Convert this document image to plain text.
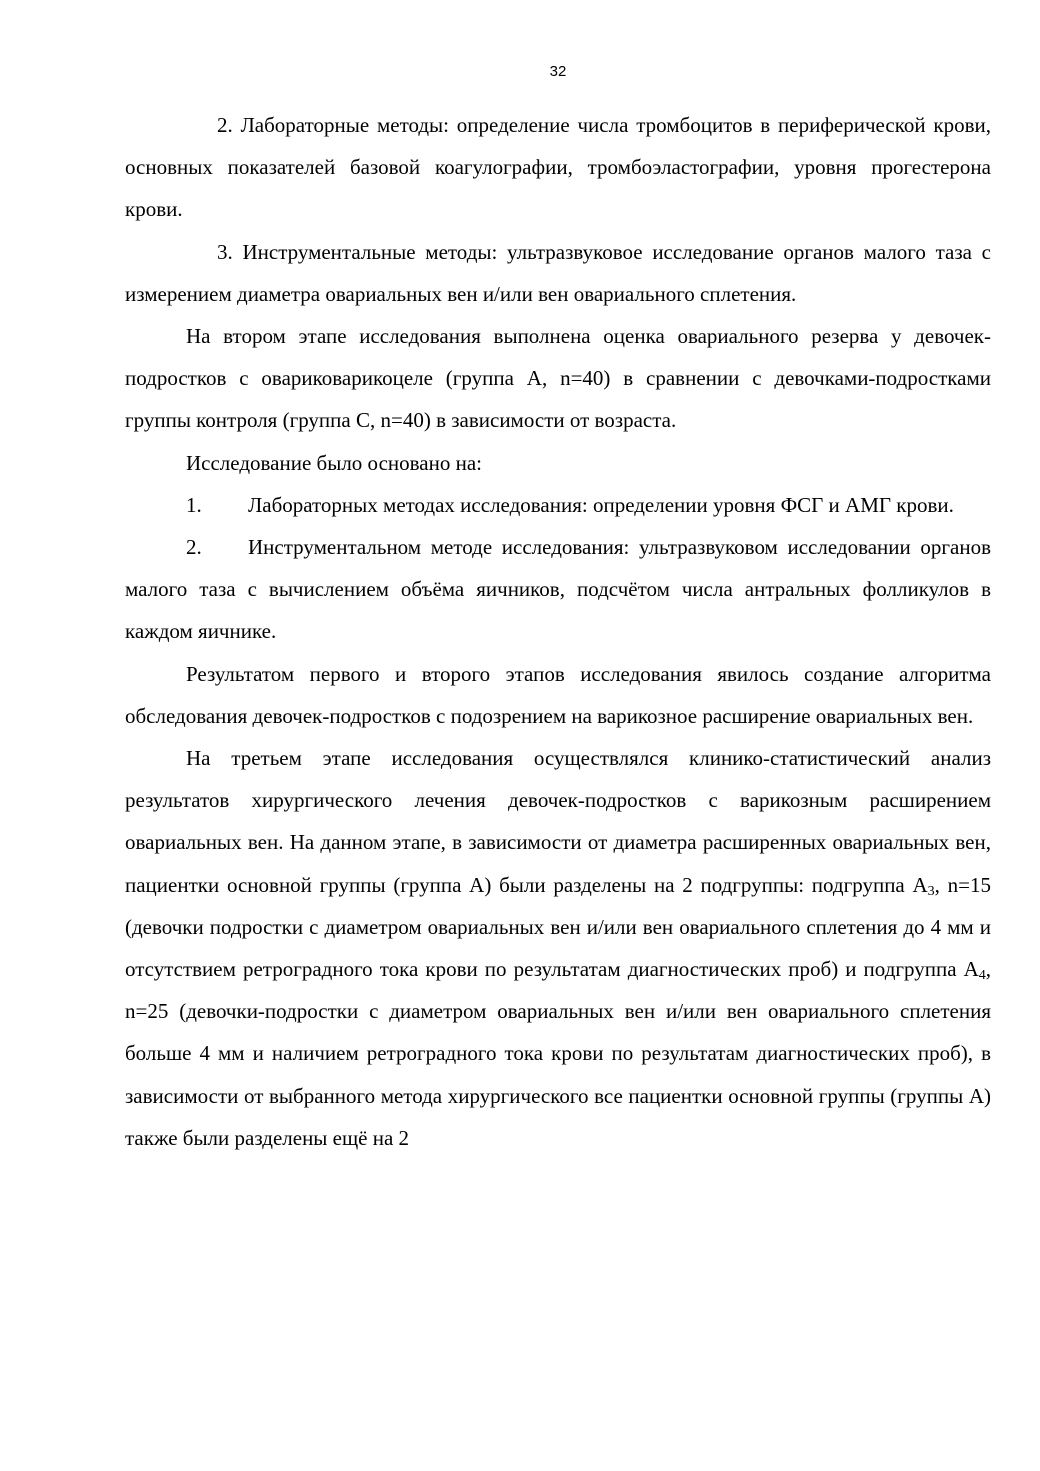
32

2. Лабораторные методы: определение числа тромбоцитов в периферической крови, основных показателей базовой коагулографии, тромбоэластографии, уровня прогестерона крови.

3. Инструментальные методы: ультразвуковое исследование органов малого таза с измерением диаметра овариальных вен и/или вен овариального сплетения.

На втором этапе исследования выполнена оценка овариального резерва у девочек-подростков с овариковарикоцеле (группа А, n=40) в сравнении с девочками-подростками группы контроля (группа С, n=40) в зависимости от возраста.

Исследование было основано на:

1. Лабораторных методах исследования: определении уровня ФСГ и АМГ крови.

2. Инструментальном методе исследования: ультразвуковом исследовании органов малого таза с вычислением объёма яичников, подсчётом числа антральных фолликулов в каждом яичнике.

Результатом первого и второго этапов исследования явилось создание алгоритма обследования девочек-подростков с подозрением на варикозное расширение овариальных вен.

На третьем этапе исследования осуществлялся клинико-статистический анализ результатов хирургического лечения девочек-подростков с варикозным расширением овариальных вен. На данном этапе, в зависимости от диаметра расширенных овариальных вен, пациентки основной группы (группа А) были разделены на 2 подгруппы: подгруппа $А_3$, n=15 (девочки подростки с диаметром овариальных вен и/или вен овариального сплетения до 4 мм и отсутствием ретроградного тока крови по результатам диагностических проб) и подгруппа $А_4$, n=25 (девочки-подростки с диаметром овариальных вен и/или вен овариального сплетения больше 4 мм и наличием ретроградного тока крови по результатам диагностических проб), в зависимости от выбранного метода хирургического все пациентки основной группы (группы А) также были разделены ещё на 2
